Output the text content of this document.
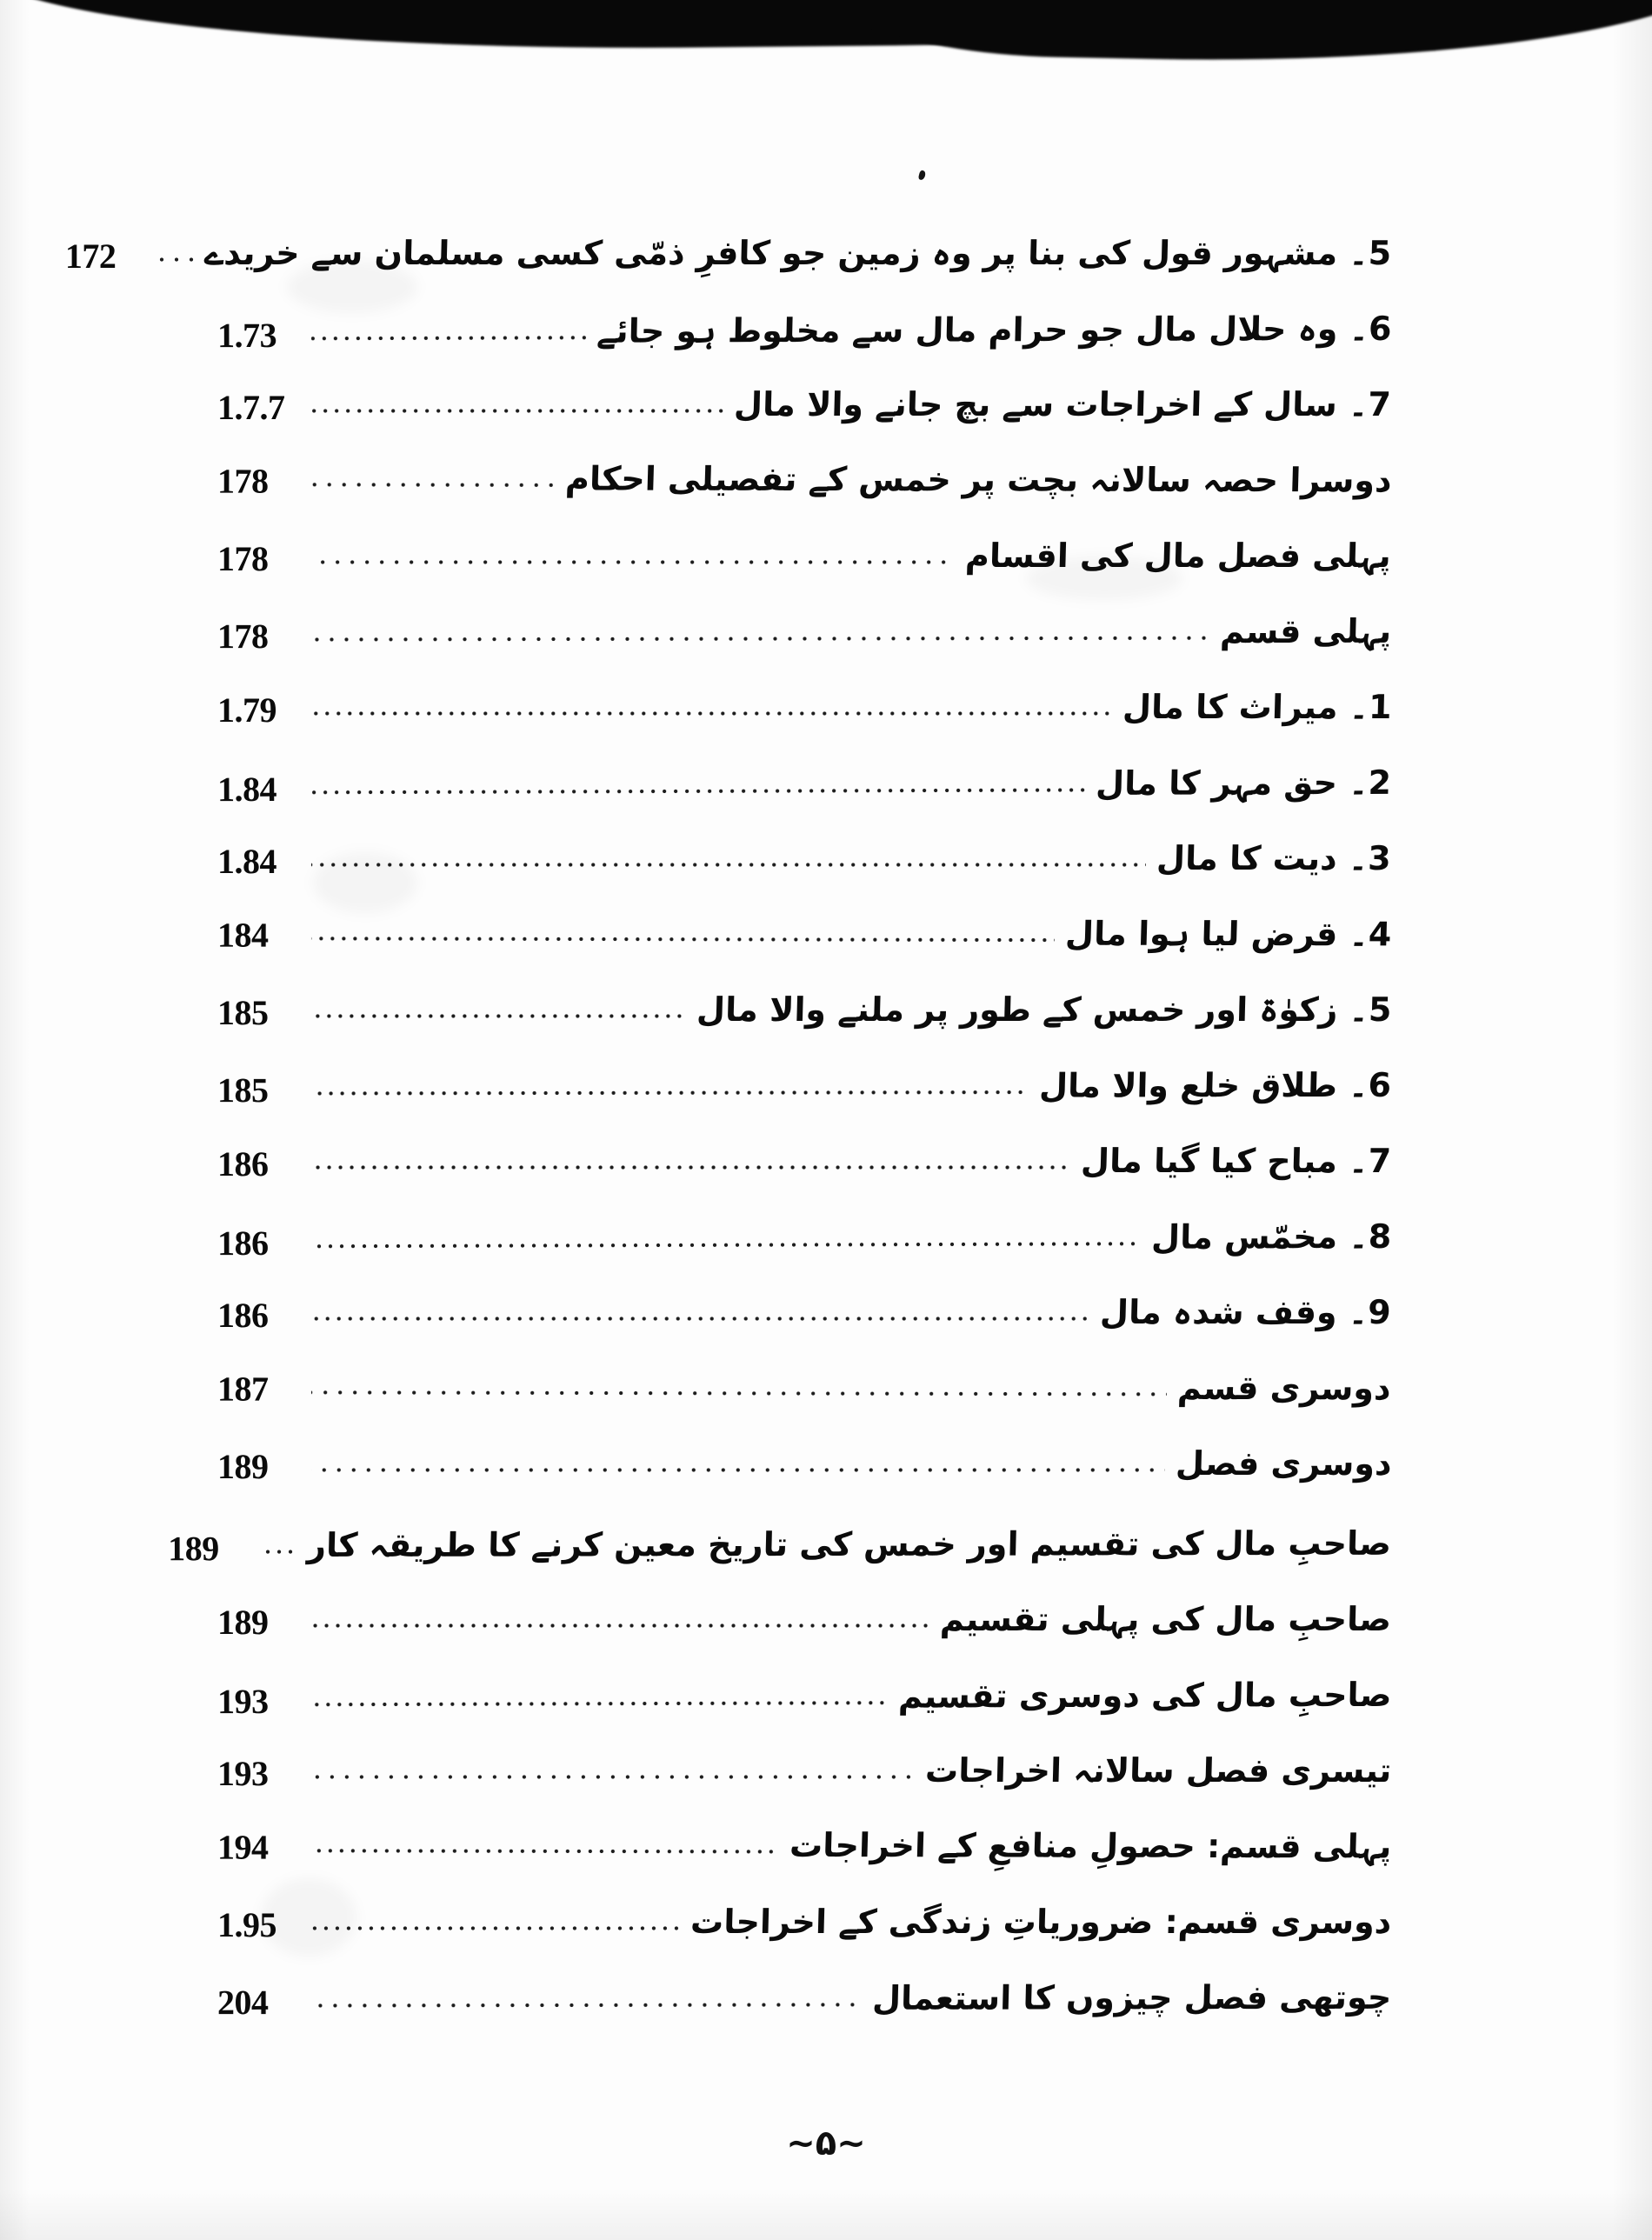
5۔ مشہور قول کی بنا پر وہ زمین جو کافرِ ذمّی کسی مسلمان سے خریدے
172
6۔ وہ حلال مال جو حرام مال سے مخلوط ہو جائے
1.73
7۔ سال کے اخراجات سے بچ جانے والا مال
1.7.7
دوسرا حصہ سالانہ بچت پر خمس کے تفصیلی احکام
178
پہلی فصل مال کی اقسام
178
پہلی قسم
178
1۔ میراث کا مال
1.79
2۔ حق مہر کا مال
1.84
3۔ دیت کا مال
1.84
4۔ قرض لیا ہوا مال
184
5۔ زکوٰۃ اور خمس کے طور پر ملنے والا مال
185
6۔ طلاق خلع والا مال
185
7۔ مباح کیا گیا مال
186
8۔ مخمّس مال
186
9۔ وقف شدہ مال
186
دوسری قسم
187
دوسری فصل
189
صاحبِ مال کی تقسیم اور خمس کی تاریخ معین کرنے کا طریقہ کار
189
صاحبِ مال کی پہلی تقسیم
189
صاحبِ مال کی دوسری تقسیم
193
تیسری فصل سالانہ اخراجات
193
پہلی قسم: حصولِ منافعِ کے اخراجات
194
دوسری قسم: ضروریاتِ زندگی کے اخراجات
1.95
چوتھی فصل چیزوں کا استعمال
204
~۵~
